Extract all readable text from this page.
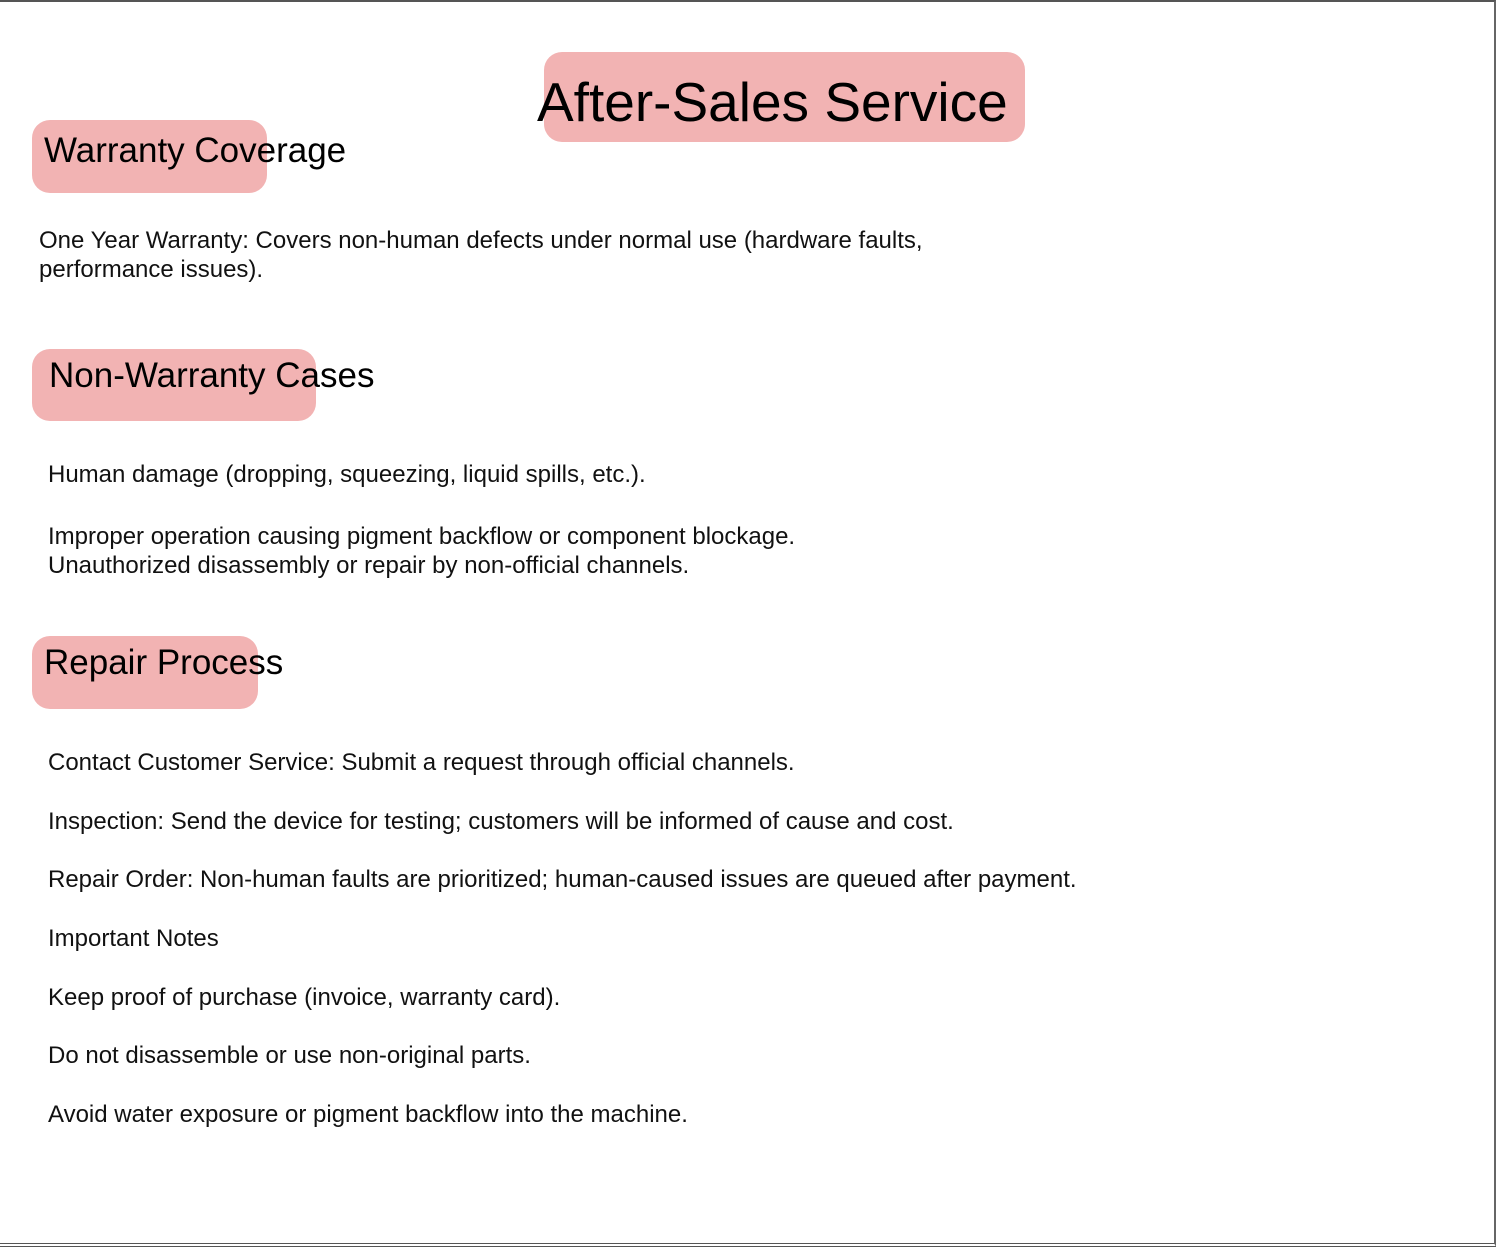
After-Sales Service
Warranty Coverage
One Year Warranty: Covers non-human defects under normal use (hardware faults,
performance issues).
Non-Warranty Cases
Human damage (dropping, squeezing, liquid spills, etc.).
Improper operation causing pigment backflow or component blockage.
Unauthorized disassembly or repair by non-official channels.
Repair Process
Contact Customer Service: Submit a request through official channels.
Inspection: Send the device for testing; customers will be informed of cause and cost.
Repair Order: Non-human faults are prioritized; human-caused issues are queued after payment.
Important Notes
Keep proof of purchase (invoice, warranty card).
Do not disassemble or use non-original parts.
Avoid water exposure or pigment backflow into the machine.
